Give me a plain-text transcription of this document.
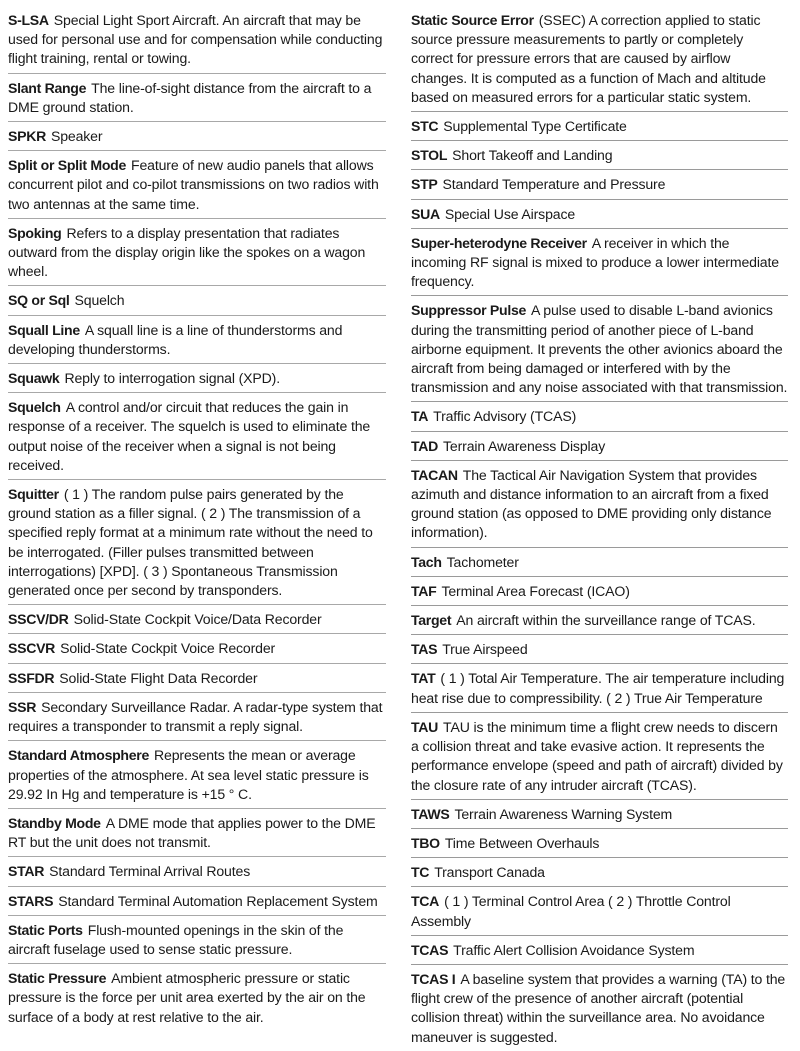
S-LSA Special Light Sport Aircraft. An aircraft that may be used for personal use and for compensation while conducting flight training, rental or towing.
Slant Range The line-of-sight distance from the aircraft to a DME ground station.
SPKR Speaker
Split or Split Mode Feature of new audio panels that allows concurrent pilot and co-pilot transmissions on two radios with two antennas at the same time.
Spoking Refers to a display presentation that radiates outward from the display origin like the spokes on a wagon wheel.
SQ or Sql Squelch
Squall Line A squall line is a line of thunderstorms and developing thunderstorms.
Squawk Reply to interrogation signal (XPD).
Squelch A control and/or circuit that reduces the gain in response of a receiver. The squelch is used to eliminate the output noise of the receiver when a signal is not being received.
Squitter ( 1 ) The random pulse pairs generated by the ground station as a filler signal. ( 2 ) The transmission of a specified reply format at a minimum rate without the need to be interrogated. (Filler pulses transmitted between interrogations) [XPD]. ( 3 ) Spontaneous Transmission generated once per second by transponders.
SSCV/DR Solid-State Cockpit Voice/Data Recorder
SSCVR Solid-State Cockpit Voice Recorder
SSFDR Solid-State Flight Data Recorder
SSR Secondary Surveillance Radar. A radar-type system that requires a transponder to transmit a reply signal.
Standard Atmosphere Represents the mean or average properties of the atmosphere. At sea level static pressure is 29.92 In Hg and temperature is +15 ° C.
Standby Mode A DME mode that applies power to the DME RT but the unit does not transmit.
STAR Standard Terminal Arrival Routes
STARS Standard Terminal Automation Replacement System
Static Ports Flush-mounted openings in the skin of the aircraft fuselage used to sense static pressure.
Static Pressure Ambient atmospheric pressure or static pressure is the force per unit area exerted by the air on the surface of a body at rest relative to the air.
Static Source Error (SSEC) A correction applied to static source pressure measurements to partly or completely correct for pressure errors that are caused by airflow changes. It is computed as a function of Mach and altitude based on measured errors for a particular static system.
STC Supplemental Type Certificate
STOL Short Takeoff and Landing
STP Standard Temperature and Pressure
SUA Special Use Airspace
Super-heterodyne Receiver A receiver in which the incoming RF signal is mixed to produce a lower intermediate frequency.
Suppressor Pulse A pulse used to disable L-band avionics during the transmitting period of another piece of L-band airborne equipment. It prevents the other avionics aboard the aircraft from being damaged or interfered with by the transmission and any noise associated with that transmission.
TA Traffic Advisory (TCAS)
TAD Terrain Awareness Display
TACAN The Tactical Air Navigation System that provides azimuth and distance information to an aircraft from a fixed ground station (as opposed to DME providing only distance information).
Tach Tachometer
TAF Terminal Area Forecast (ICAO)
Target An aircraft within the surveillance range of TCAS.
TAS True Airspeed
TAT ( 1 ) Total Air Temperature. The air temperature including heat rise due to compressibility. ( 2 ) True Air Temperature
TAU TAU is the minimum time a flight crew needs to discern a collision threat and take evasive action. It represents the performance envelope (speed and path of aircraft) divided by the closure rate of any intruder aircraft (TCAS).
TAWS Terrain Awareness Warning System
TBO Time Between Overhauls
TC Transport Canada
TCA ( 1 ) Terminal Control Area ( 2 ) Throttle Control Assembly
TCAS Traffic Alert Collision Avoidance System
TCAS I A baseline system that provides a warning (TA) to the flight crew of the presence of another aircraft (potential collision threat) within the surveillance area. No avoidance maneuver is suggested.
